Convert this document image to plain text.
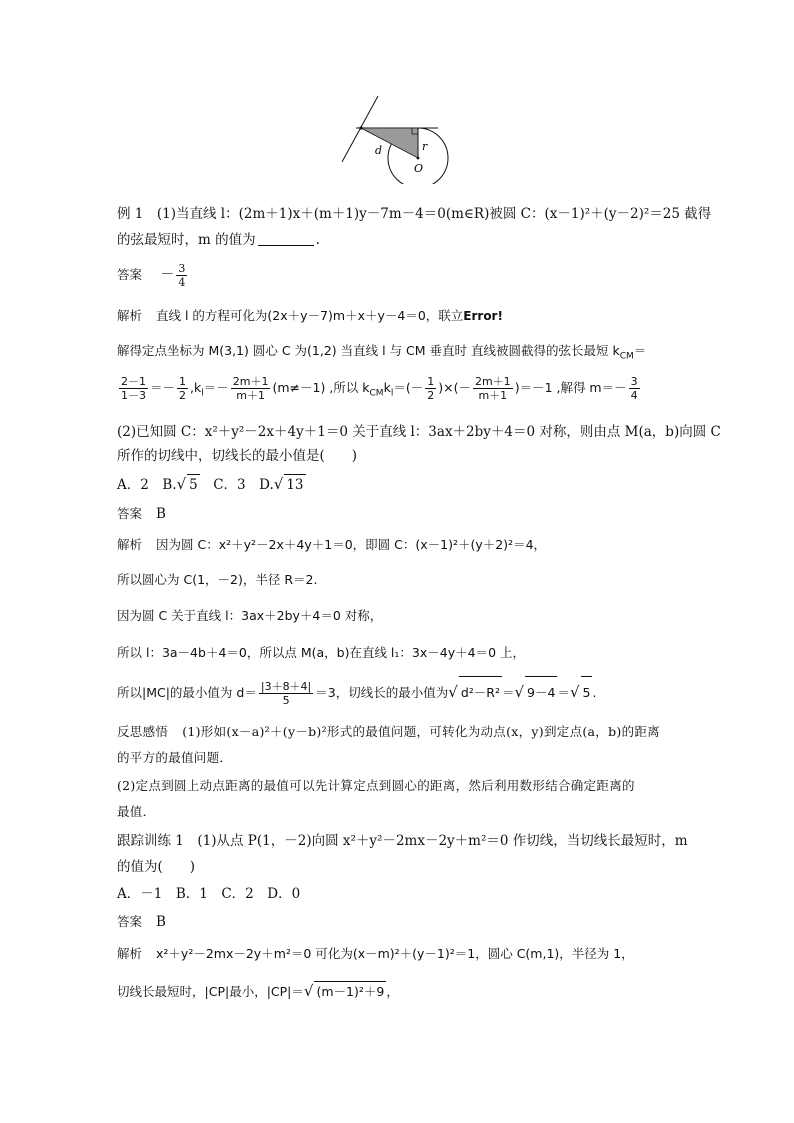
d	r
O
例 1　(1)当直线 l：(2m＋1)x＋(m＋1)y－7m－4＝0(m∈R)被圆 C：(x－1)²＋(y－2)²＝25 截得
的弦最短时，m 的值为	.
答案 － $\frac{3}{4}$
解析 直线 l 的方程可化为(2x＋y－7)m＋x＋y－4＝0，联立Error!
解得定点坐标为 M(3,1) 圆心 C 为(1,2) 当直线 l 与 CM 垂直时 直线被圆截得的弦长最短 $k_{CM}=$
$\frac{2-1}{1-3} =- \frac{1}{2} ,k_l=- \frac{2m+1}{m+1} (m\ne-1)$ ,所以 $k_{CM}k_l=(- \frac{1}{2}$ )×(－ $\frac{2m+1}{m+1} )=-1$ ,解得 $m=- \frac{3}{4}$
(2)已知圆 C：x²＋y²－2x＋4y＋1＝0 关于直线 l：3ax＋2by＋4＝0 对称，则由点 M(a，b)向圆 C
所作的切线中，切线长的最小值是(　　)
A．2　B.√ 5　C．3　D.√ 13
答案 B
解析 因为圆 C：x²＋y²－2x＋4y＋1＝0，即圆 C：(x－1)²＋(y＋2)²＝4，
所以圆心为 C(1，－2)，半径 R＝2.
因为圆 C 关于直线 l：3ax＋2by＋4＝0 对称，
所以 l：3a－4b＋4＝0，所以点 M(a，b)在直线 l₁：3x－4y＋4＝0 上，
所以|MC|的最小值为 $d= \frac{|3+8+4|}{5} =3$，切线长的最小值为√ d²－R² ＝√ 9－4 ＝√ 5 .
反思感悟 (1)形如(x－a)²＋(y－b)²形式的最值问题，可转化为动点(x，y)到定点(a，b)的距离
的平方的最值问题．
(2)定点到圆上动点距离的最值可以先计算定点到圆心的距离，然后利用数形结合确定距离的
最值．
跟踪训练 1　(1)从点 P(1，－2)向圆 x²＋y²－2mx－2y＋m²＝0 作切线，当切线长最短时，m
的值为(　　)
A．－1　B．1　C．2　D．0
答案 B
解析 x²＋y²－2mx－2y＋m²＝0 可化为(x－m)²＋(y－1)²＝1，圆心 C(m,1)，半径为 1，
切线长最短时，|CP|最小，|CP|＝√ (m－1)²＋9 ，
